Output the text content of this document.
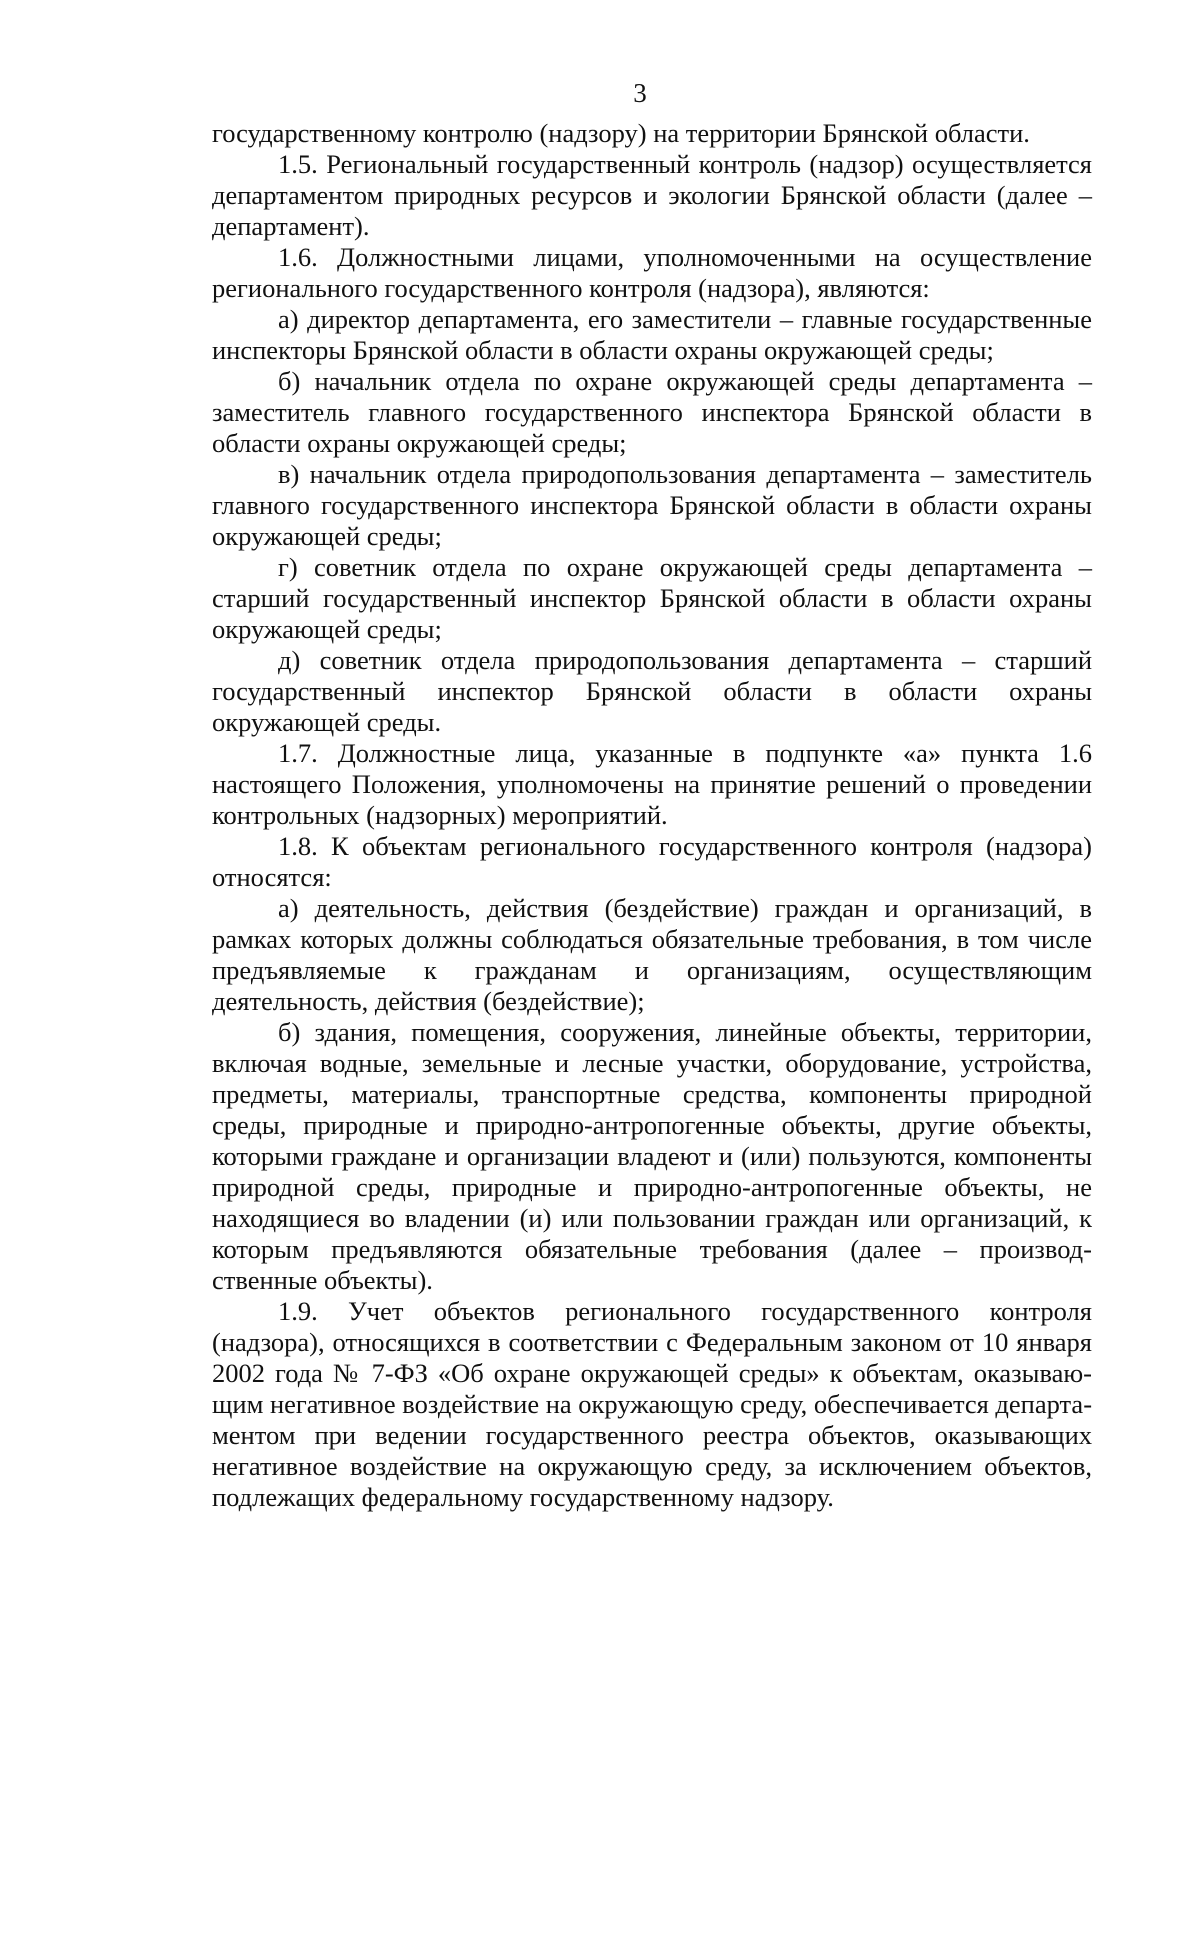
3

государственному контролю (надзору) на территории Брянской области.

1.5. Региональный государственный контроль (надзор) осуществляется департаментом природных ресурсов и экологии Брянской области (далее – департамент).

1.6. Должностными лицами, уполномоченными на осуществление регионального государственного контроля (надзора), являются:

а) директор департамента, его заместители – главные государственные инспекторы Брянской области в области охраны окружающей среды;

б) начальник отдела по охране окружающей среды департамента – заместитель главного государственного инспектора Брянской области в области охраны окружающей среды;

в) начальник отдела природопользования департамента – заместитель главного государственного инспектора Брянской области в области охраны окружающей среды;

г) советник отдела по охране окружающей среды департамента – старший государственный инспектор Брянской области в области охраны окружающей среды;

д) советник отдела природопользования департамента – старший государственный инспектор Брянской области в области охраны окружающей среды.

1.7. Должностные лица, указанные в подпункте «а» пункта 1.6 настоящего Положения, уполномочены на принятие решений о проведении контрольных (надзорных) мероприятий.

1.8. К объектам регионального государственного контроля (надзора) относятся:

а) деятельность, действия (бездействие) граждан и организаций, в рамках которых должны соблюдаться обязательные требования, в том числе предъявляемые к гражданам и организациям, осуществляющим деятельность, действия (бездействие);

б) здания, помещения, сооружения, линейные объекты, территории, включая водные, земельные и лесные участки, оборудование, устройства, предметы, материалы, транспортные средства, компоненты природной среды, природные и природно-антропогенные объекты, другие объекты, которыми граждане и организации владеют и (или) пользуются, компоненты природной среды, природные и природно-антропогенные объекты, не находящиеся во владении (и) или пользовании граждан или организаций, к которым предъявляются обязательные требования (далее – производ-ственные объекты).

1.9. Учет объектов регионального государственного контроля (надзора), относящихся в соответствии с Федеральным законом от 10 января 2002 года № 7-ФЗ «Об охране окружающей среды» к объектам, оказываю-щим негативное воздействие на окружающую среду, обеспечивается департа-ментом при ведении государственного реестра объектов, оказывающих негативное воздействие на окружающую среду, за исключением объектов, подлежащих федеральному государственному надзору.
